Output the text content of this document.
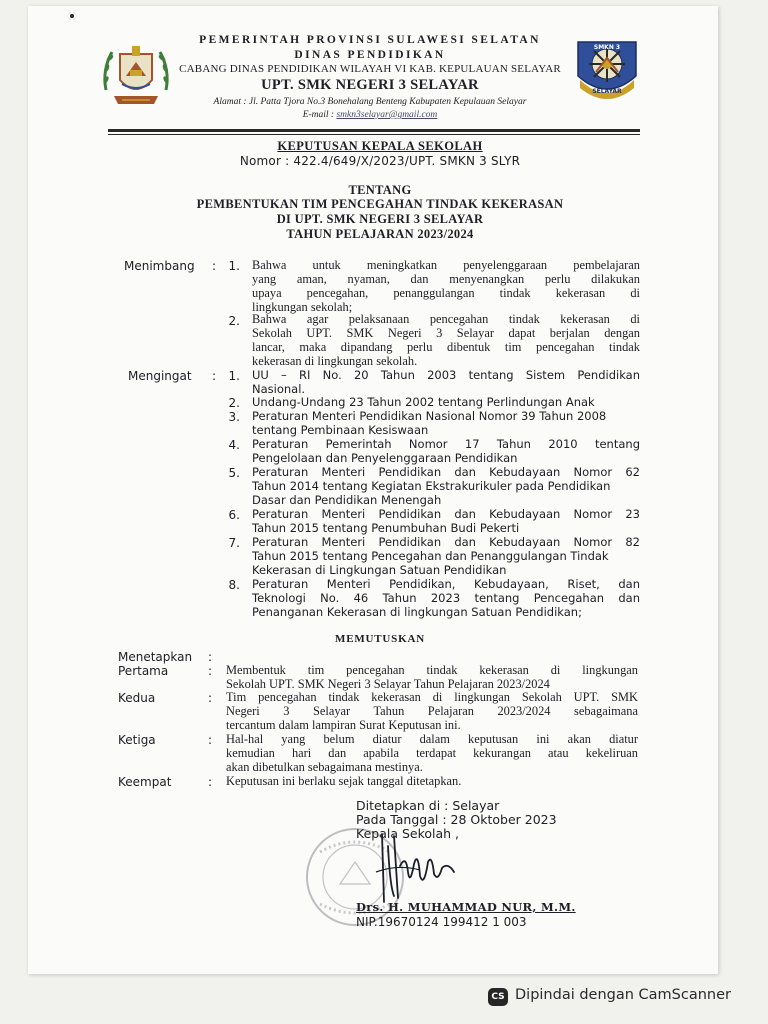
SMKN 3
SELAYAR
PEMERINTAH PROVINSI SULAWESI SELATAN
DINAS PENDIDIKAN
CABANG DINAS PENDIDIKAN WILAYAH VI KAB. KEPULAUAN SELAYAR
UPT. SMK NEGERI 3 SELAYAR
Alamat : Jl. Patta Tjora No.3 Bonehalang Benteng Kabupaten Kepulauan Selayar
E-mail : smkn3selayar@gmail.com
KEPUTUSAN KEPALA SEKOLAH
Nomor : 422.4/649/X/2023/UPT. SMKN 3 SLYR
TENTANG
PEMBENTUKAN TIM PENCEGAHAN TINDAK KEKERASAN
DI UPT. SMK NEGERI 3 SELAYAR
TAHUN PELAJARAN 2023/2024
Menimbang :	1. Bahwa untuk meningkatkan penyelenggaraan pembelajaran
yang aman, nyaman, dan menyenangkan perlu dilakukan
upaya pencegahan, penanggulangan tindak kekerasan di
lingkungan sekolah;
2. Bahwa agar pelaksanaan pencegahan tindak kekerasan di
Sekolah UPT. SMK Negeri 3 Selayar dapat berjalan dengan
lancar, maka dipandang perlu dibentuk tim pencegahan tindak
kekerasan di lingkungan sekolah.
Mengingat :	1. UU – RI No. 20 Tahun 2003 tentang Sistem Pendidikan
Nasional.
2. Undang-Undang 23 Tahun 2002 tentang Perlindungan Anak
3. Peraturan Menteri Pendidikan Nasional Nomor 39 Tahun 2008
tentang Pembinaan Kesiswaan
4. Peraturan Pemerintah Nomor 17 Tahun 2010 tentang
Pengelolaan dan Penyelenggaraan Pendidikan
5. Peraturan Menteri Pendidikan dan Kebudayaan Nomor 62
Tahun 2014 tentang Kegiatan Ekstrakurikuler pada Pendidikan
Dasar dan Pendidikan Menengah
6. Peraturan Menteri Pendidikan dan Kebudayaan Nomor 23
Tahun 2015 tentang Penumbuhan Budi Pekerti
7. Peraturan Menteri Pendidikan dan Kebudayaan Nomor 82
Tahun 2015 tentang Pencegahan dan Penanggulangan Tindak
Kekerasan di Lingkungan Satuan Pendidikan
8. Peraturan Menteri Pendidikan, Kebudayaan, Riset, dan
Teknologi No. 46 Tahun 2023 tentang Pencegahan dan
Penanganan Kekerasan di lingkungan Satuan Pendidikan;
MEMUTUSKAN
Menetapkan :
Pertama	: Membentuk tim pencegahan tindak kekerasan di lingkungan
Sekolah UPT. SMK Negeri 3 Selayar Tahun Pelajaran 2023/2024
Kedua	: Tim pencegahan tindak kekerasan di lingkungan Sekolah UPT. SMK
Negeri 3 Selayar Tahun Pelajaran 2023/2024 sebagaimana
tercantum dalam lampiran Surat Keputusan ini.
Ketiga	: Hal-hal yang belum diatur dalam keputusan ini akan diatur
kemudian hari dan apabila terdapat kekurangan atau kekeliruan
akan dibetulkan sebagaimana mestinya.
Keempat	: Keputusan ini berlaku sejak tanggal ditetapkan.
Ditetapkan di : Selayar
Pada Tanggal : 28 Oktober 2023
Kepala Sekolah ,
Drs. H. MUHAMMAD NUR, M.M.
NIP.19670124 199412 1 003
CS Dipindai dengan CamScanner
